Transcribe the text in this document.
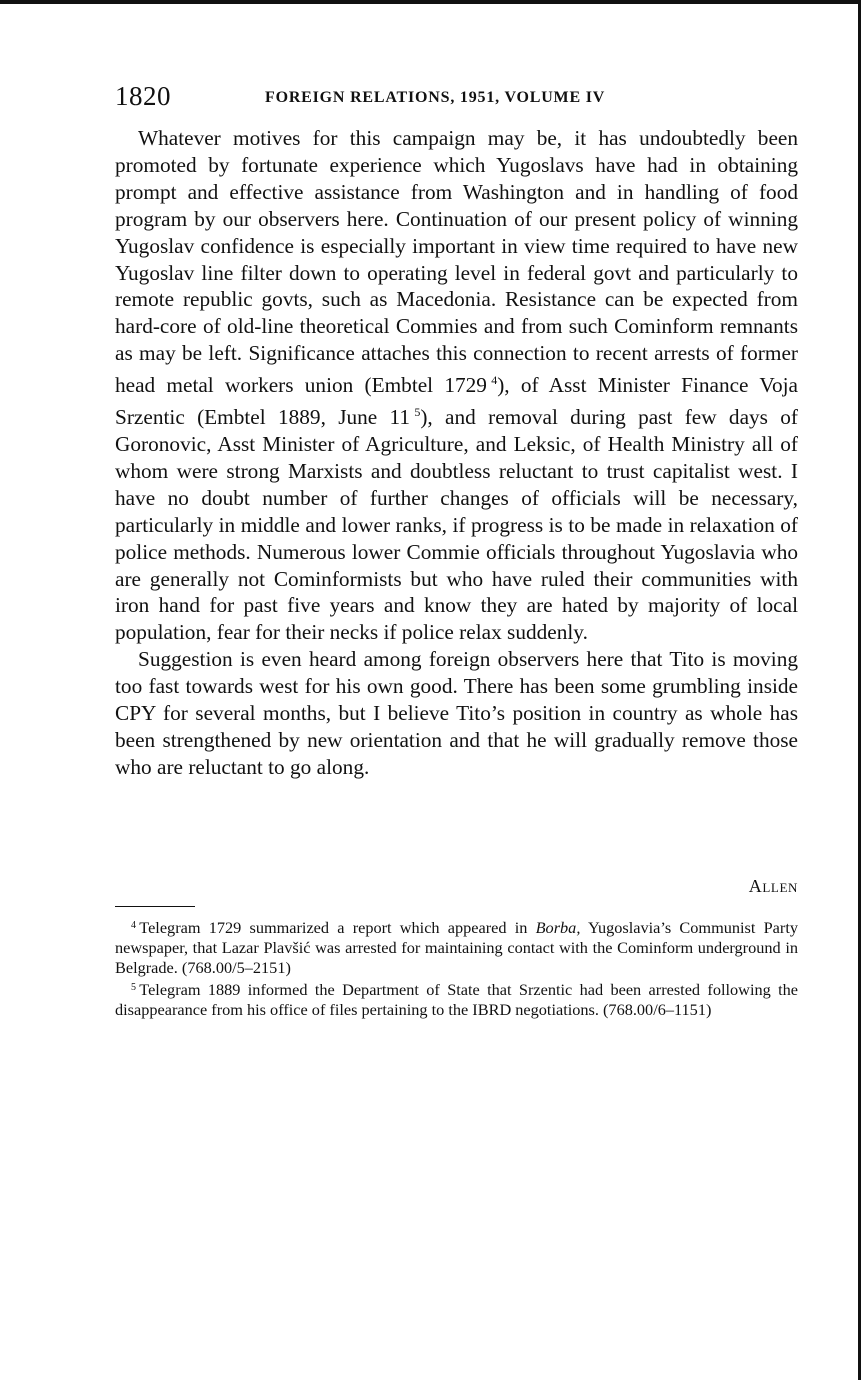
1820	FOREIGN RELATIONS, 1951, VOLUME IV

Whatever motives for this campaign may be, it has undoubtedly been promoted by fortunate experience which Yugoslavs have had in obtaining prompt and effective assistance from Washington and in handling of food program by our observers here. Continuation of our present policy of winning Yugoslav confidence is especially important in view time required to have new Yugoslav line filter down to operating level in federal govt and particularly to remote republic govts, such as Macedonia. Resistance can be expected from hard-core of old-line theoretical Commies and from such Cominform remnants as may be left. Significance attaches this connection to recent arrests of former head metal workers union (Embtel 1729  $^4$), of Asst Minister Finance Voja Srzentic (Embtel 1889, June 11  $^5$), and removal during past few days of Goronovic, Asst Minister of Agriculture, and Leksic, of Health Ministry all of whom were strong Marxists and doubtless reluctant to trust capitalist west. I have no doubt number of further changes of officials will be necessary, particularly in middle and lower ranks, if progress is to be made in relaxation of police methods. Numerous lower Commie officials throughout Yugoslavia who are generally not Cominformists but who have ruled their communities with iron hand for past five years and know they are hated by majority of local population, fear for their necks if police relax suddenly.

Suggestion is even heard among foreign observers here that Tito is moving too fast towards west for his own good. There has been some grumbling inside CPY for several months, but I believe Tito’s position in country as whole has been strengthened by new orientation and that he will gradually remove those who are reluctant to go along.

Allen

$^4$  Telegram 1729 summarized a report which appeared in Borba, Yugoslavia’s Communist Party newspaper, that Lazar Plavšić was arrested for maintaining contact with the Cominform underground in Belgrade. (768.00/5–2151)

$^5$  Telegram 1889 informed the Department of State that Srzentic had been arrested following the disappearance from his office of files pertaining to the IBRD negotiations. (768.00/6–1151)
